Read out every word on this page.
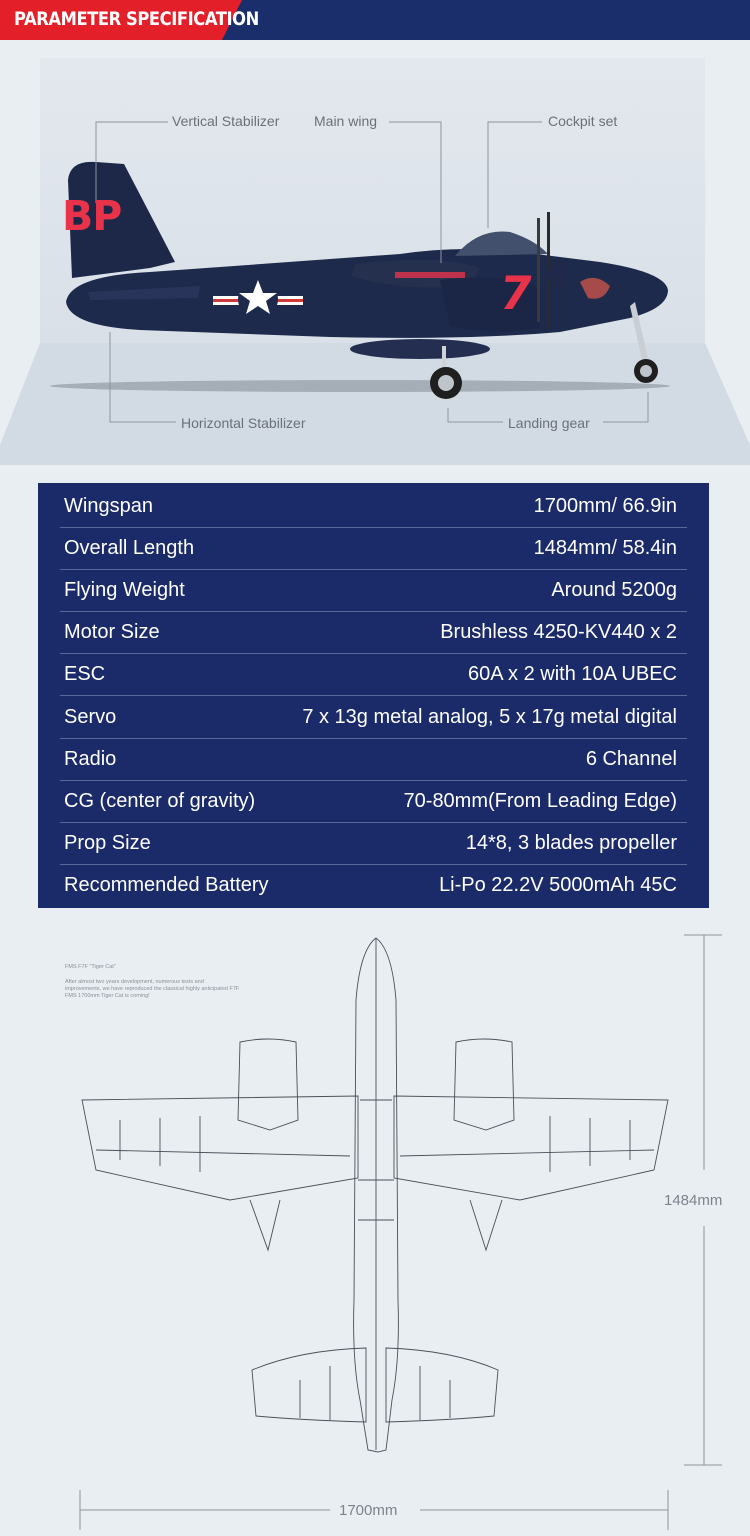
PARAMETER SPECIFICATION
BP
7
Vertical Stabilizer Main wing	Cockpit set
Horizontal Stabilizer	Landing gear
Wingspan	1700mm/ 66.9in
Overall Length	1484mm/ 58.4in
Flying Weight	Around 5200g
Motor Size	Brushless 4250-KV440 x 2
ESC	60A x 2 with 10A UBEC
Servo	7 x 13g metal analog, 5 x 17g metal digital
Radio	6 Channel
CG (center of gravity)	70-80mm(From Leading Edge)
Prop Size	14*8, 3 blades propeller
Recommended Battery	Li-Po 22.2V 5000mAh 45C
FMS F7F "Tiger Cat"
After almost two years development, numerous tests and
improvements, we have reproduced the classical highly anticipated F7F
FMS 1700mm Tiger Cat is coming!
1484mm
1700mm
